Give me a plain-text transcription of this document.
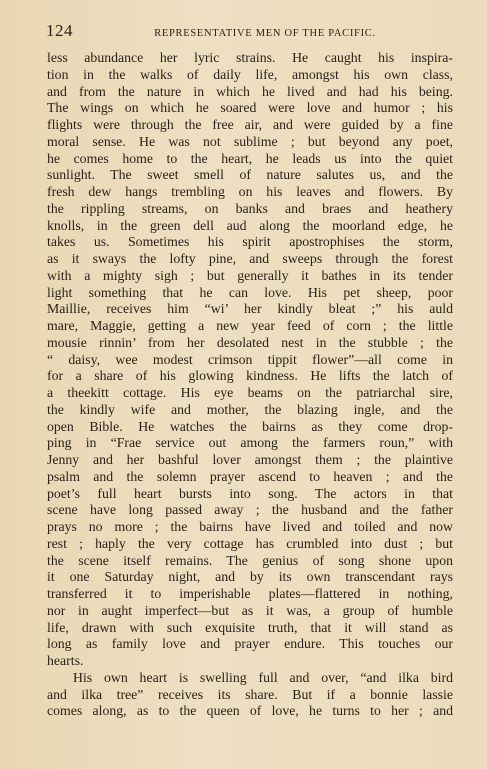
124	REPRESENTATIVE MEN OF THE PACIFIC.
less abundance her lyric strains. He caught his inspira-
tion in the walks of daily life, amongst his own class,
and from the nature in which he lived and had his being.
The wings on which he soared were love and humor ; his
flights were through the free air, and were guided by a fine
moral sense. He was not sublime ; but beyond any poet,
he comes home to the heart, he leads us into the quiet
sunlight. The sweet smell of nature salutes us, and the
fresh dew hangs trembling on his leaves and flowers. By
the rippling streams, on banks and braes and heathery
knolls, in the green dell aud along the moorland edge, he
takes us. Sometimes his spirit apostrophises the storm,
as it sways the lofty pine, and sweeps through the forest
with a mighty sigh ; but generally it bathes in its tender
light something that he can love. His pet sheep, poor
Maillie, receives him “wi’ her kindly bleat ;” his auld
mare, Maggie, getting a new year feed of corn ; the little
mousie rinnin’ from her desolated nest in the stubble ; the
“ daisy, wee modest crimson tippit flower”—all come in
for a share of his glowing kindness. He lifts the latch of
a theekitt cottage. His eye beams on the patriarchal sire,
the kindly wife and mother, the blazing ingle, and the
open Bible. He watches the bairns as they come drop-
ping in “Frae service out among the farmers roun,” with
Jenny and her bashful lover amongst them ; the plaintive
psalm and the solemn prayer ascend to heaven ; and the
poet’s full heart bursts into song. The actors in that
scene have long passed away ; the husband and the father
prays no more ; the bairns have lived and toiled and now
rest ; haply the very cottage has crumbled into dust ; but
the scene itself remains. The genius of song shone upon
it one Saturday night, and by its own transcendant rays
transferred it to imperishable plates—flattered in nothing,
nor in aught imperfect—but as it was, a group of humble
life, drawn with such exquisite truth, that it will stand as
long as family love and prayer endure. This touches our
hearts.
His own heart is swelling full and over, “and ilka bird
and ilka tree” receives its share. But if a bonnie lassie
comes along, as to the queen of love, he turns to her ; and
